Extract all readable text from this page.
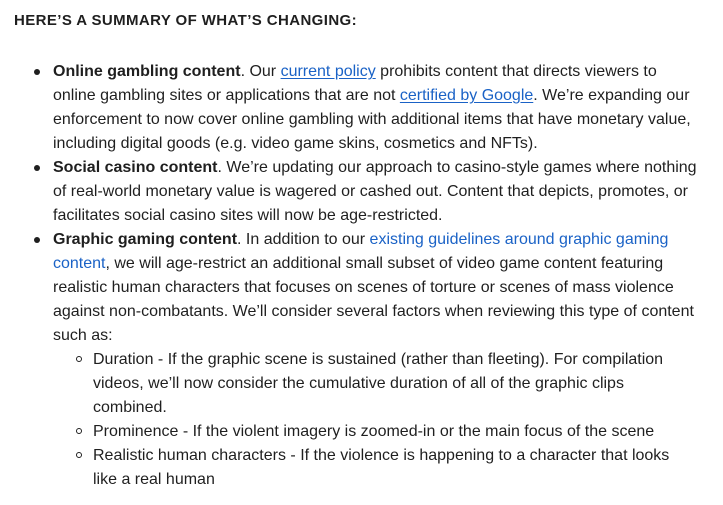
HERE’S A SUMMARY OF WHAT’S CHANGING:
Online gambling content. Our current policy prohibits content that directs viewers to online gambling sites or applications that are not certified by Google. We’re expanding our enforcement to now cover online gambling with additional items that have monetary value, including digital goods (e.g. video game skins, cosmetics and NFTs).
Social casino content. We’re updating our approach to casino-style games where nothing of real-world monetary value is wagered or cashed out. Content that depicts, promotes, or facilitates social casino sites will now be age-restricted.
Graphic gaming content. In addition to our existing guidelines around graphic gaming content, we will age-restrict an additional small subset of video game content featuring realistic human characters that focuses on scenes of torture or scenes of mass violence against non-combatants. We’ll consider several factors when reviewing this type of content such as:
Duration - If the graphic scene is sustained (rather than fleeting). For compilation videos, we’ll now consider the cumulative duration of all of the graphic clips combined.
Prominence - If the violent imagery is zoomed-in or the main focus of the scene
Realistic human characters - If the violence is happening to a character that looks like a real human
